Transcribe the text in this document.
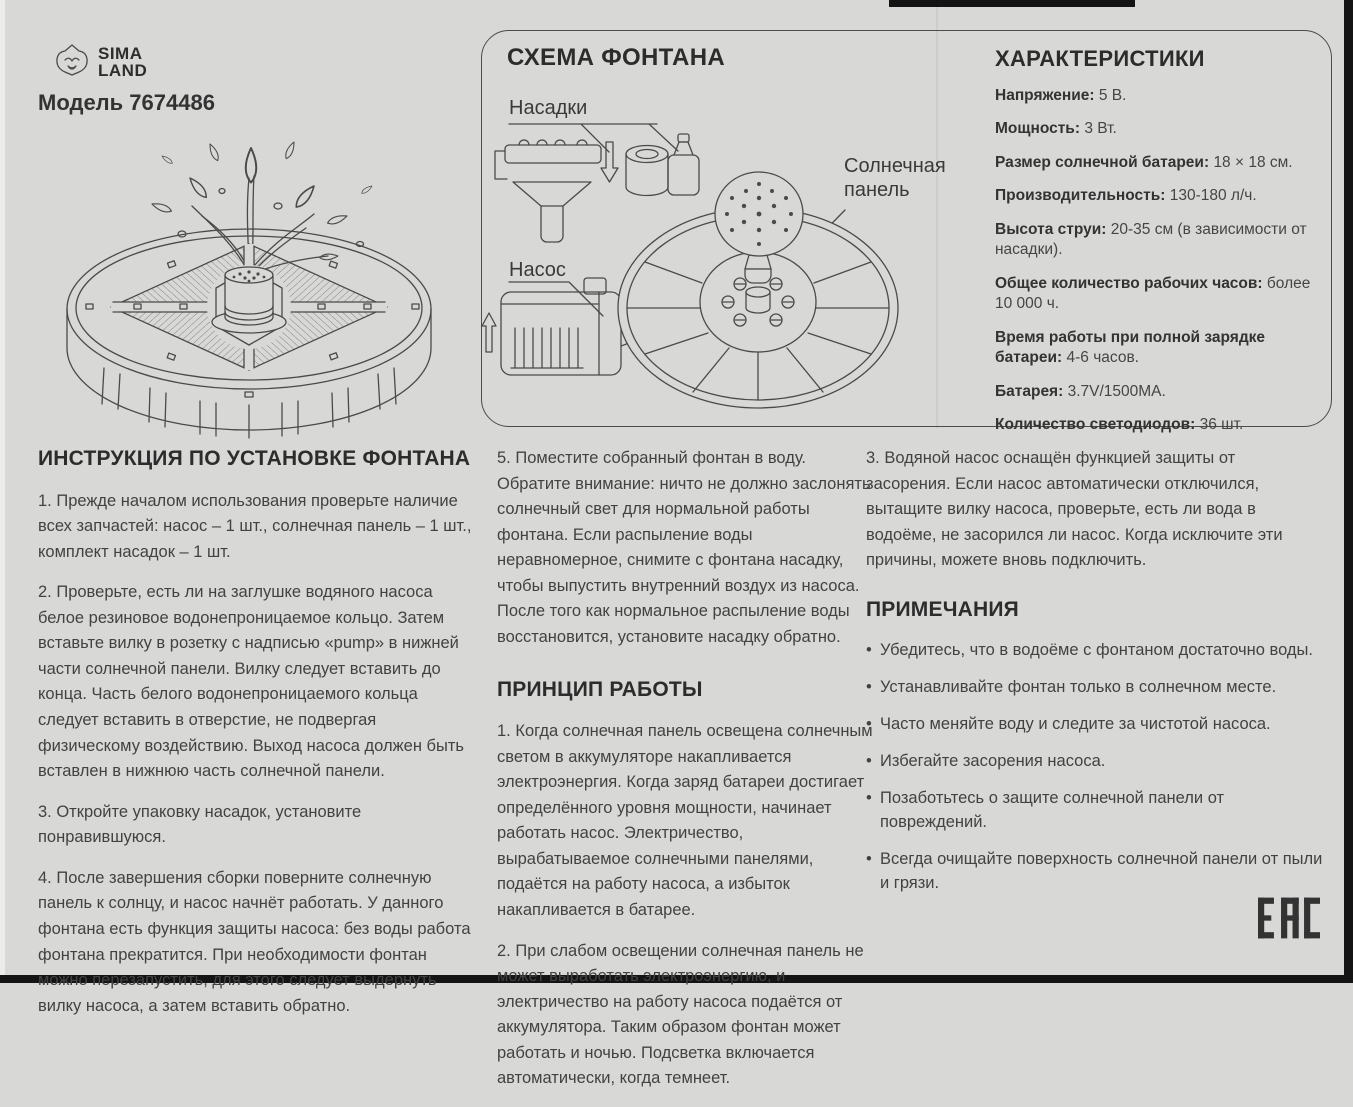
SIMA
LAND
Модель 7674486
СХЕМА ФОНТАНА
Насадки
Насос
Солнечная панель
ХАРАКТЕРИСТИКИ

Напряжение: 5 В.

Мощность: 3 Вт.

Размер солнечной батареи: 18 × 18 см.

Производительность: 130-180 л/ч.

Высота струи: 20-35 см (в зависимости от насадки).

Общее количество рабочих часов: более 10 000 ч.

Время работы при полной зарядке батареи: 4-6 часов.

Батарея: 3.7V/1500MA.

Количество светодиодов: 36 шт.

ИНСТРУКЦИЯ ПО УСТАНОВКЕ ФОНТАНА

1. Прежде началом использования проверьте наличие всех запчастей: насос – 1 шт., солнечная панель – 1 шт., комплект насадок – 1 шт.

2. Проверьте, есть ли на заглушке водяного насоса белое резиновое водонепроницаемое кольцо. Затем вставьте вилку в розетку с надписью «pump» в нижней части солнечной панели. Вилку следует вставить до конца. Часть белого водонепроницаемого кольца следует вставить в отверстие, не подвергая физическому воздействию. Выход насоса должен быть вставлен в нижнюю часть солнечной панели.

3. Откройте упаковку насадок, установите понравившуюся.

4. После завершения сборки поверните солнечную панель к солнцу, и насос начнёт работать. У данного фонтана есть функция защиты насоса: без воды работа фонтана прекратится. При необходимости фонтан можно перезапустить, для этого следует выдернуть вилку насоса, а затем вставить обратно.

5. Поместите собранный фонтан в воду. Обратите внимание: ничто не должно заслонять солнечный свет для нормальной работы фонтана. Если распыление воды неравномерное, снимите с фонтана насадку, чтобы выпустить внутренний воздух из насоса. После того как нормальное распыление воды восстановится, установите насадку обратно.

ПРИНЦИП РАБОТЫ

1. Когда солнечная панель освещена солнечным светом в аккумуляторе накапливается электроэнергия. Когда заряд батареи достигает определённого уровня мощности, начинает работать насос. Электричество, вырабатываемое солнечными панелями, подаётся на работу насоса, а избыток накапливается в батарее.

2. При слабом освещении солнечная панель не может выработать электроэнергию, и электричество на работу насоса подаётся от аккумулятора. Таким образом фонтан может работать и ночью. Подсветка включается автоматически, когда темнеет.

3. Водяной насос оснащён функцией защиты от засорения. Если насос автоматически отключился, вытащите вилку насоса, проверьте, есть ли вода в водоёме, не засорился ли насос. Когда исключите эти причины, можете вновь подключить.

ПРИМЕЧАНИЯ
• Убедитесь, что в водоёме с фонтаном достаточно воды.
• Устанавливайте фонтан только в солнечном месте.
• Часто меняйте воду и следите за чистотой насоса.
• Избегайте засорения насоса.
• Позаботьтесь о защите солнечной панели от повреждений.
• Всегда очищайте поверхность солнечной панели от пыли и грязи.
